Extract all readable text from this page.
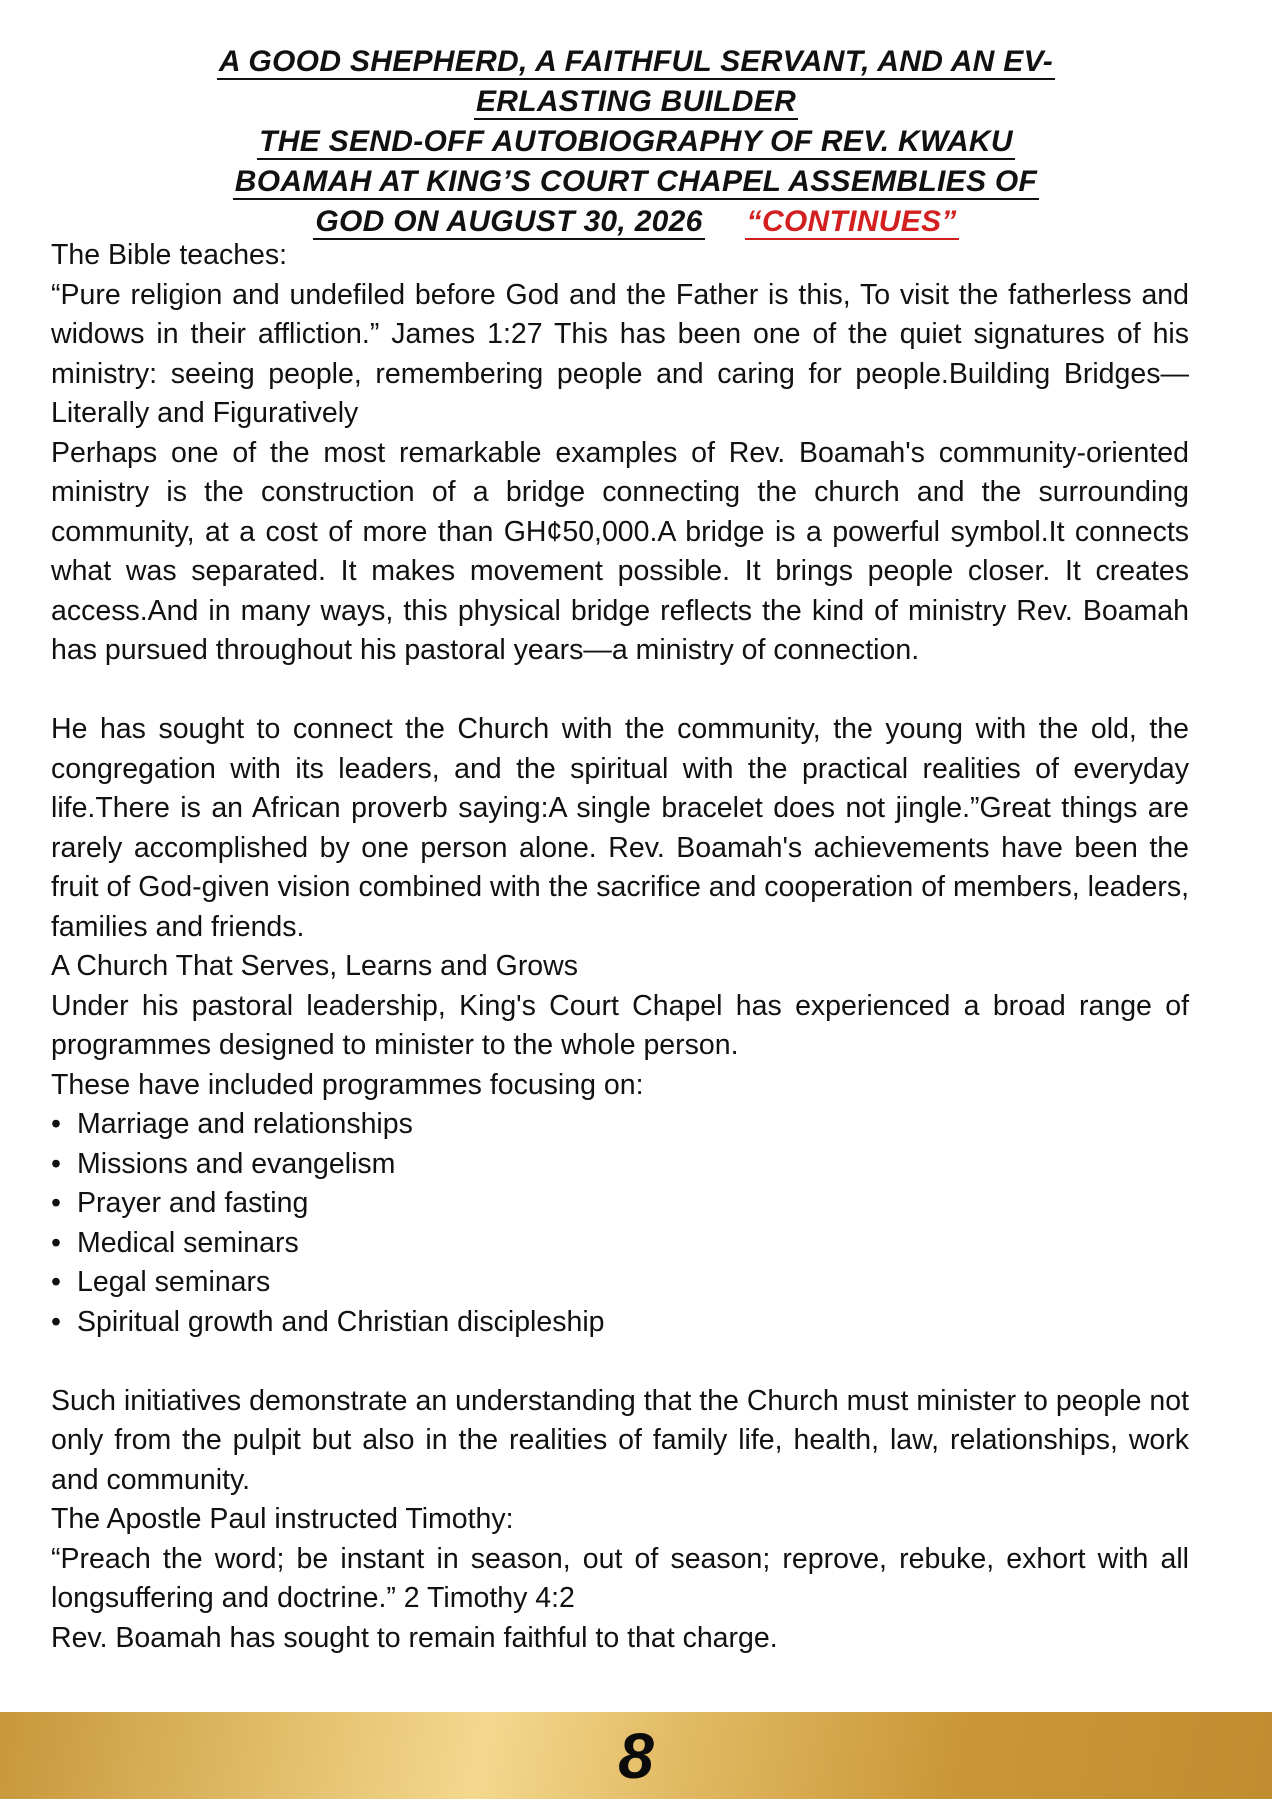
A GOOD SHEPHERD, A FAITHFUL SERVANT, AND AN EV-
ERLASTING BUILDER
THE SEND-OFF AUTOBIOGRAPHY OF REV. KWAKU
BOAMAH AT KING’S COURT CHAPEL ASSEMBLIES OF
GOD ON AUGUST 30, 2026 “CONTINUES”

The Bible teaches:

“Pure religion and undefiled before God and the Father is this, To visit the fatherless and widows in their affliction.” James 1:27 This has been one of the quiet signatures of his ministry: seeing people, remembering people and caring for people.Building Bridges—Literally and Figuratively

Perhaps one of the most remarkable examples of Rev. Boamah's community-oriented ministry is the construction of a bridge connecting the church and the surrounding community, at a cost of more than GH¢50,000.A bridge is a powerful symbol.It connects what was separated. It makes movement possible. It brings people closer. It creates access.And in many ways, this physical bridge reflects the kind of ministry Rev. Boamah has pursued throughout his pastoral years—a ministry of connection.

He has sought to connect the Church with the community, the young with the old, the congregation with its leaders, and the spiritual with the practical realities of everyday life.There is an African proverb saying:A single bracelet does not jingle.”Great things are rarely accomplished by one person alone. Rev. Boamah's achievements have been the fruit of God-given vision combined with the sacrifice and cooperation of members, leaders, families and friends.

A Church That Serves, Learns and Grows

Under his pastoral leadership, King's Court Chapel has experienced a broad range of programmes designed to minister to the whole person.

These have included programmes focusing on:

• Marriage and relationships
• Missions and evangelism
• Prayer and fasting
• Medical seminars
• Legal seminars
• Spiritual growth and Christian discipleship

Such initiatives demonstrate an understanding that the Church must minister to people not only from the pulpit but also in the realities of family life, health, law, relationships, work and community.

The Apostle Paul instructed Timothy:

“Preach the word; be instant in season, out of season; reprove, rebuke, exhort with all longsuffering and doctrine.” 2 Timothy 4:2

Rev. Boamah has sought to remain faithful to that charge.

8
